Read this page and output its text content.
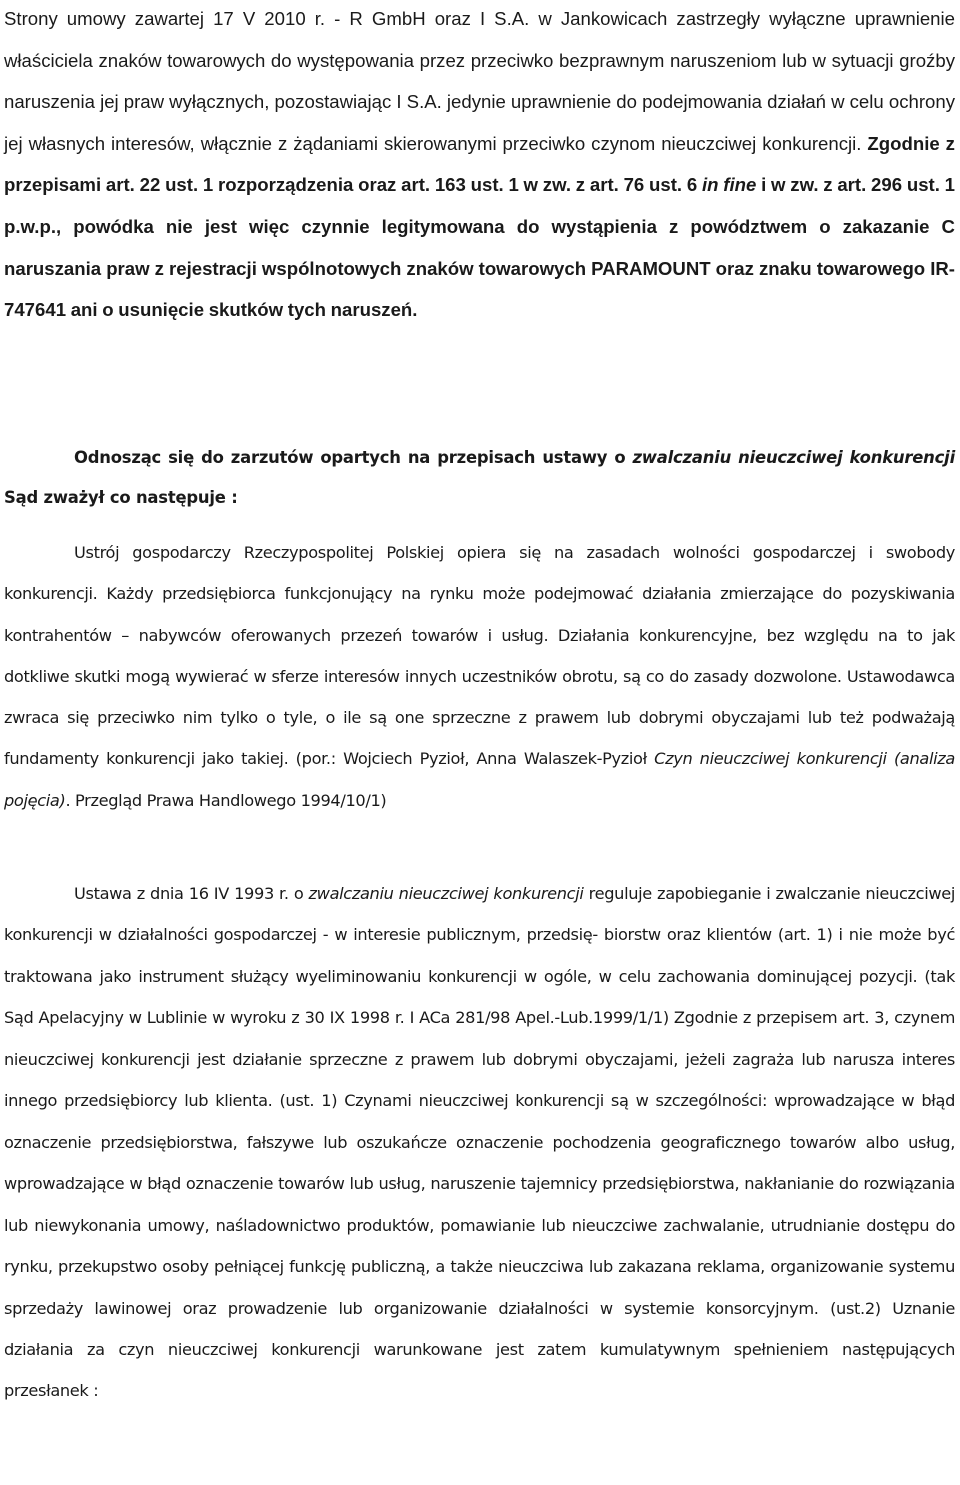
Strony umowy zawartej 17 V 2010 r. - R GmbH oraz I S.A. w Jankowicach zastrzegły wyłączne uprawnienie właściciela znaków towarowych do występowania przez przeciwko bezprawnym naruszeniom lub w sytuacji groźby naruszenia jej praw wyłącznych, pozostawiając I S.A. jedynie uprawnienie do podejmowania działań w celu ochrony jej własnych interesów, włącznie z żądaniami skierowanymi przeciwko czynom nieuczciwej konkurencji. Zgodnie z przepisami art. 22 ust. 1 rozporządzenia oraz art. 163 ust. 1 w zw. z art. 76 ust. 6 in fine i w zw. z art. 296 ust. 1 p.w.p., powódka nie jest więc czynnie legitymowana do wystąpienia z powództwem o zakazanie C naruszania praw z rejestracji wspólnotowych znaków towarowych PARAMOUNT oraz znaku towarowego IR-747641 ani o usunięcie skutków tych naruszeń.

Odnosząc się do zarzutów opartych na przepisach ustawy o zwalczaniu nieuczciwej konkurencji Sąd zważył co następuje :

Ustrój gospodarczy Rzeczypospolitej Polskiej opiera się na zasadach wolności gospodarczej i swobody konkurencji. Każdy przedsiębiorca funkcjonujący na rynku może podejmować działania zmierzające do pozyskiwania kontrahentów – nabywców oferowanych przezeń towarów i usług. Działania konkurencyjne, bez względu na to jak dotkliwe skutki mogą wywierać w sferze interesów innych uczestników obrotu, są co do zasady dozwolone. Ustawodawca zwraca się przeciwko nim tylko o tyle, o ile są one sprzeczne z prawem lub dobrymi obyczajami lub też podważają fundamenty konkurencji jako takiej. (por.: Wojciech Pyzioł, Anna Walaszek-Pyzioł Czyn nieuczciwej konkurencji (analiza pojęcia). Przegląd Prawa Handlowego 1994/10/1)

Ustawa z dnia 16 IV 1993 r. o zwalczaniu nieuczciwej konkurencji reguluje zapobieganie i zwalczanie nieuczciwej konkurencji w działalności gospodarczej - w interesie publicznym, przedsię- biorstw oraz klientów (art. 1) i nie może być traktowana jako instrument służący wyeliminowaniu konkurencji w ogóle, w celu zachowania dominującej pozycji. (tak Sąd Apelacyjny w Lublinie w wyroku z 30 IX 1998 r. I ACa 281/98 Apel.-Lub.1999/1/1) Zgodnie z przepisem art. 3, czynem nieuczciwej konkurencji jest działanie sprzeczne z prawem lub dobrymi obyczajami, jeżeli zagraża lub narusza interes innego przedsiębiorcy lub klienta. (ust. 1) Czynami nieuczciwej konkurencji są w szczególności: wprowadzające w błąd oznaczenie przedsiębiorstwa, fałszywe lub oszukańcze oznaczenie pochodzenia geograficznego towarów albo usług, wprowadzające w błąd oznaczenie towarów lub usług, naruszenie tajemnicy przedsiębiorstwa, nakłanianie do rozwiązania lub niewykonania umowy, naśladownictwo produktów, pomawianie lub nieuczciwe zachwalanie, utrudnianie dostępu do rynku, przekupstwo osoby pełniącej funkcję publiczną, a także nieuczciwa lub zakazana reklama, organizowanie systemu sprzedaży lawinowej oraz prowadzenie lub organizowanie działalności w systemie konsorcyjnym. (ust.2) Uznanie działania za czyn nieuczciwej konkurencji warunkowane jest zatem kumulatywnym spełnieniem następujących przesłanek :
